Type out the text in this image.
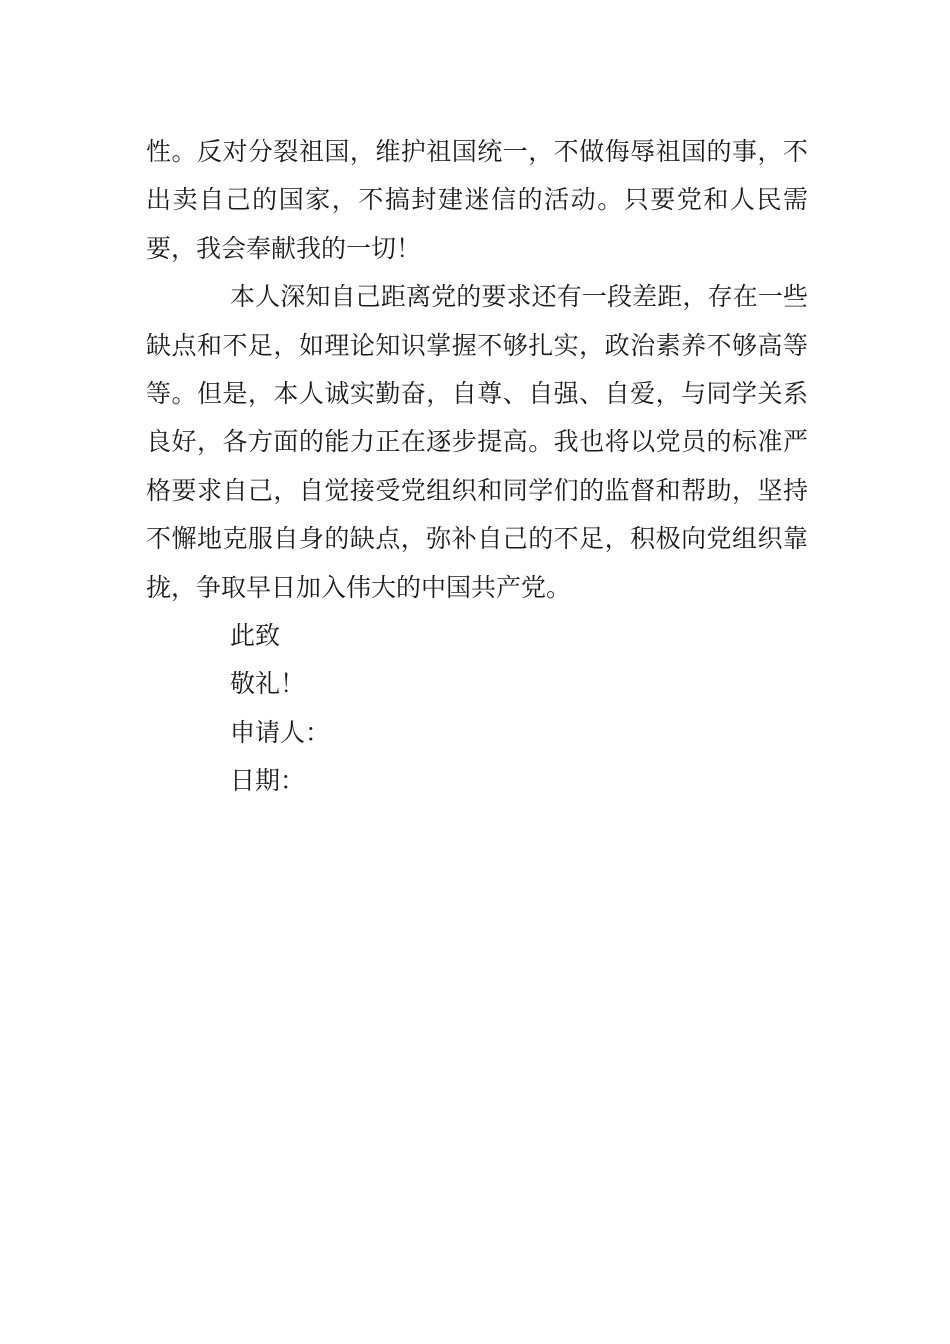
性。反对分裂祖国，维护祖国统一，不做侮辱祖国的事，不出卖自己的国家，不搞封建迷信的活动。只要党和人民需要，我会奉献我的一切！

本人深知自己距离党的要求还有一段差距，存在一些缺点和不足，如理论知识掌握不够扎实，政治素养不够高等等。但是，本人诚实勤奋，自尊、自强、自爱，与同学关系良好，各方面的能力正在逐步提高。我也将以党员的标准严格要求自己，自觉接受党组织和同学们的监督和帮助，坚持不懈地克服自身的缺点，弥补自己的不足，积极向党组织靠拢，争取早日加入伟大的中国共产党。

此致

敬礼！

申请人：

日期：
